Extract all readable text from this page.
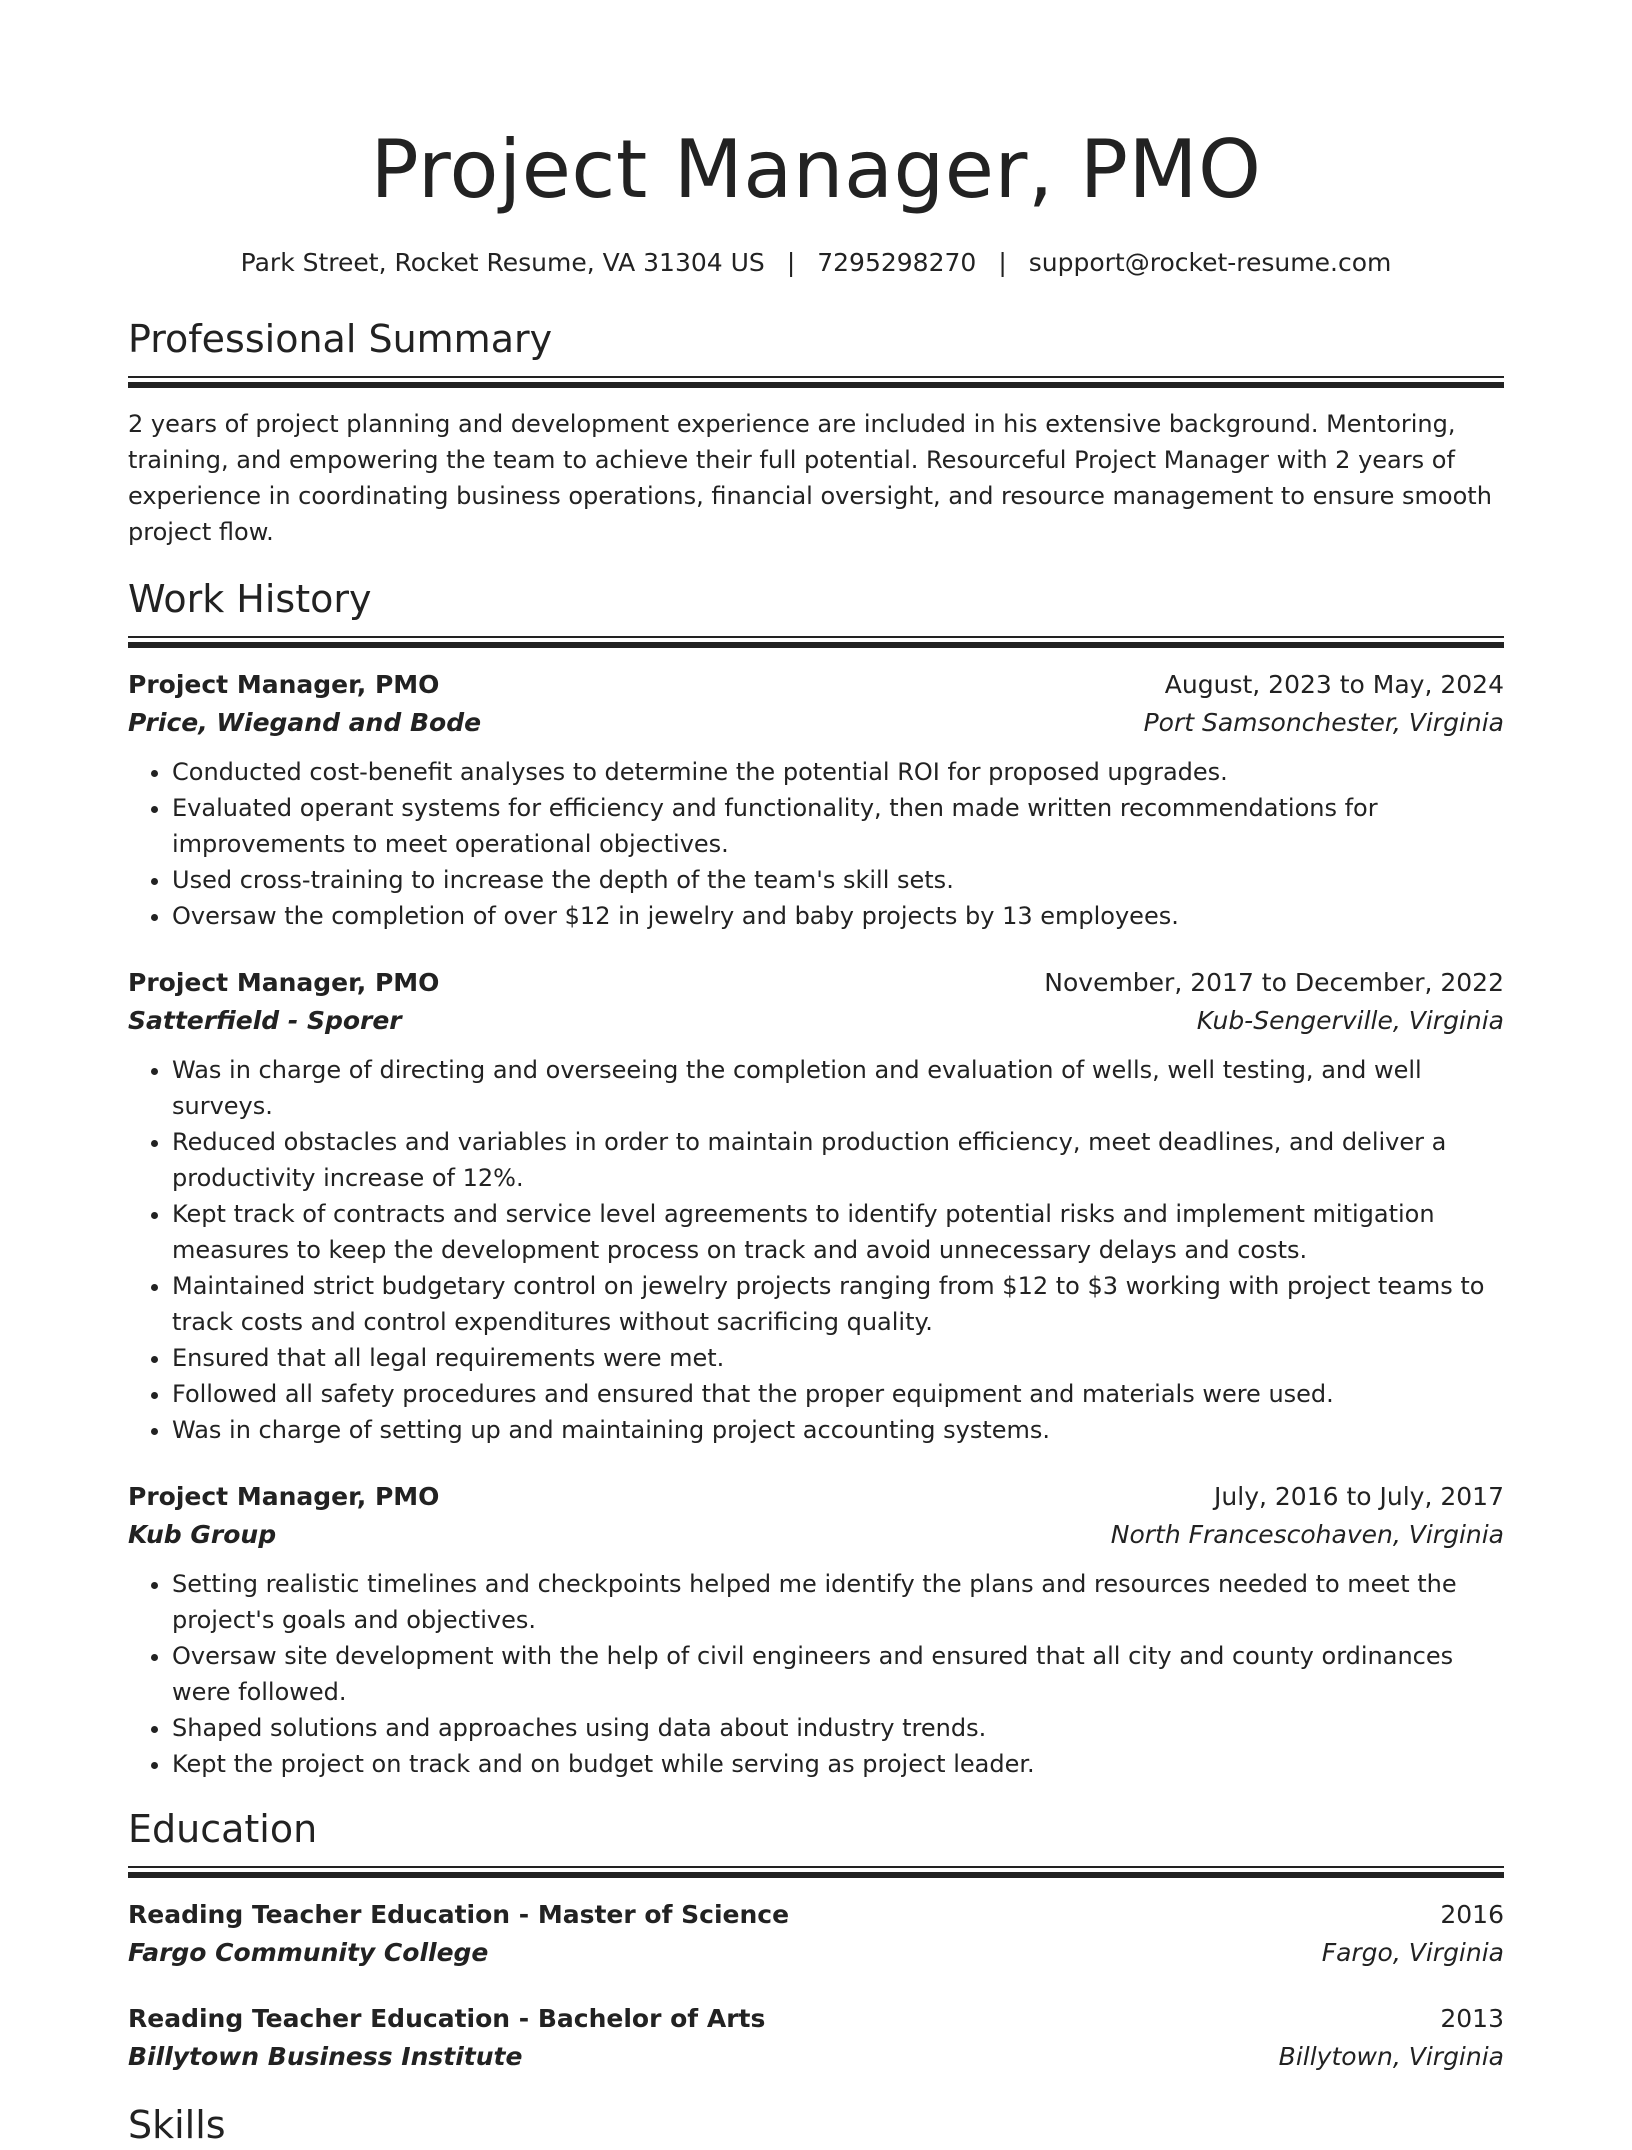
Project Manager, PMO
Park Street, Rocket Resume, VA 31304 US | 7295298270 | support@rocket-resume.com
Professional Summary
2 years of project planning and development experience are included in his extensive background. Mentoring, training, and empowering the team to achieve their full potential. Resourceful Project Manager with 2 years of experience in coordinating business operations, financial oversight, and resource management to ensure smooth project flow.
Work History
Project Manager, PMO	August, 2023 to May, 2024
Price, Wiegand and Bode	Port Samsonchester, Virginia
• Conducted cost-benefit analyses to determine the potential ROI for proposed upgrades.
• Evaluated operant systems for efficiency and functionality, then made written recommendations for improvements to meet operational objectives.
• Used cross-training to increase the depth of the team's skill sets.
• Oversaw the completion of over $12 in jewelry and baby projects by 13 employees.
Project Manager, PMO	November, 2017 to December, 2022
Satterfield - Sporer	Kub-Sengerville, Virginia
• Was in charge of directing and overseeing the completion and evaluation of wells, well testing, and well surveys.
• Reduced obstacles and variables in order to maintain production efficiency, meet deadlines, and deliver a productivity increase of 12%.
• Kept track of contracts and service level agreements to identify potential risks and implement mitigation measures to keep the development process on track and avoid unnecessary delays and costs.
• Maintained strict budgetary control on jewelry projects ranging from $12 to $3 working with project teams to track costs and control expenditures without sacrificing quality.
• Ensured that all legal requirements were met.
• Followed all safety procedures and ensured that the proper equipment and materials were used.
• Was in charge of setting up and maintaining project accounting systems.
Project Manager, PMO	July, 2016 to July, 2017
Kub Group	North Francescohaven, Virginia
• Setting realistic timelines and checkpoints helped me identify the plans and resources needed to meet the project's goals and objectives.
• Oversaw site development with the help of civil engineers and ensured that all city and county ordinances were followed.
• Shaped solutions and approaches using data about industry trends.
• Kept the project on track and on budget while serving as project leader.
Education
Reading Teacher Education - Master of Science	2016
Fargo Community College	Fargo, Virginia
Reading Teacher Education - Bachelor of Arts	2013
Billytown Business Institute	Billytown, Virginia
Skills
